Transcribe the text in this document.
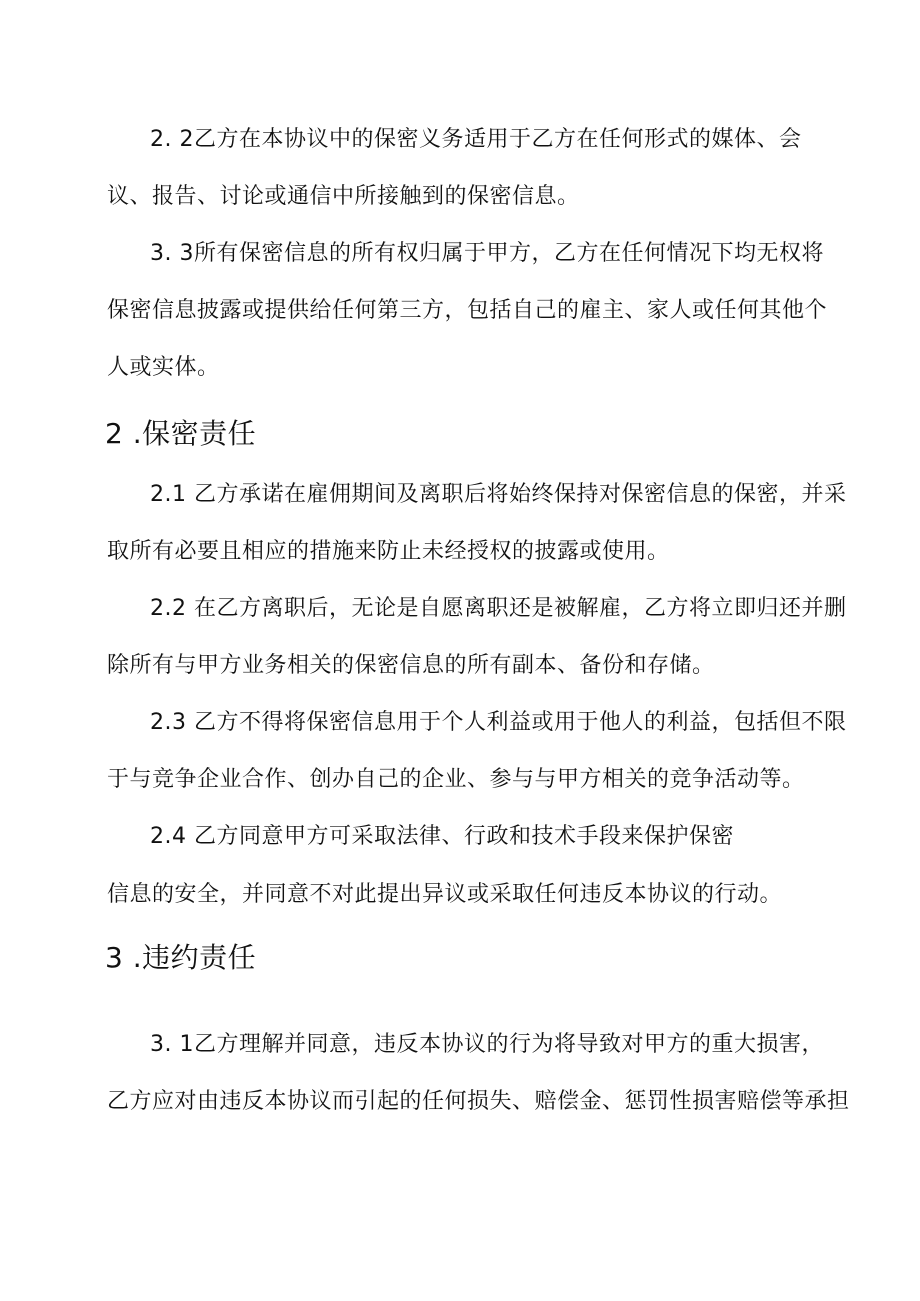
2. 2乙方在本协议中的保密义务适用于乙方在任何形式的媒体、会
议、报告、讨论或通信中所接触到的保密信息。
3. 3所有保密信息的所有权归属于甲方，乙方在任何情况下均无权将
保密信息披露或提供给任何第三方，包括自己的雇主、家人或任何其他个
人或实体。
2 .保密责任
2.1 乙方承诺在雇佣期间及离职后将始终保持对保密信息的保密，并采
取所有必要且相应的措施来防止未经授权的披露或使用。
2.2 在乙方离职后，无论是自愿离职还是被解雇，乙方将立即归还并删
除所有与甲方业务相关的保密信息的所有副本、备份和存储。
2.3 乙方不得将保密信息用于个人利益或用于他人的利益，包括但不限
于与竞争企业合作、创办自己的企业、参与与甲方相关的竞争活动等。
2.4 乙方同意甲方可采取法律、行政和技术手段来保护保密
信息的安全，并同意不对此提出异议或采取任何违反本协议的行动。
3 .违约责任
3. 1乙方理解并同意，违反本协议的行为将导致对甲方的重大损害，
乙方应对由违反本协议而引起的任何损失、赔偿金、惩罚性损害赔偿等承担
